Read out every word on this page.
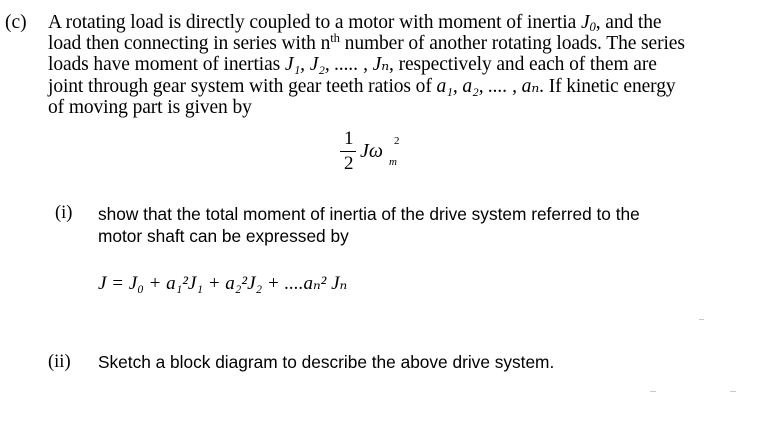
(c) A rotating load is directly coupled to a motor with moment of inertia $J_0$, and the
load then connecting in series with $n^{th}$ number of another rotating loads. The series
loads have moment of inertias J₁, J₂, ..... , Jₙ, respectively and each of them are
joint through gear system with gear teeth ratios of a₁, a₂, .... , aₙ. If kinetic energy
of moving part is given by
1
2
Jω m
2
(i) show that the total moment of inertia of the drive system referred to the
motor shaft can be expressed by
J = J₀ + a₁²J₁ + a₂²J₂ + ....aₙ² Jₙ
(ii) Sketch a block diagram to describe the above drive system.
